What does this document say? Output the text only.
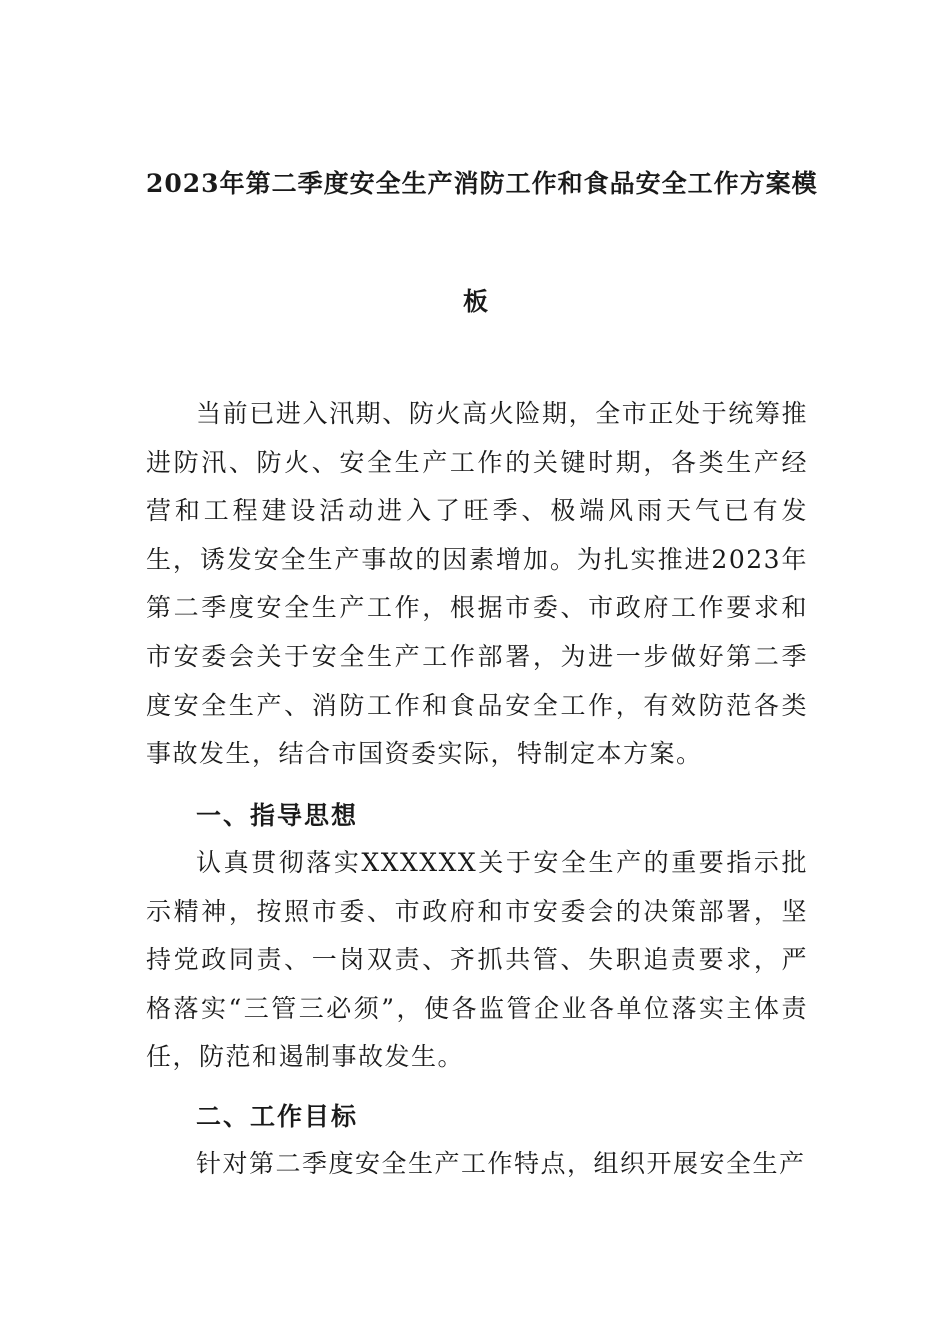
2023年第二季度安全生产消防工作和食品安全工作方案模
板
当前已进入汛期、防火高火险期，全市正处于统筹推进防汛、防火、安全生产工作的关键时期，各类生产经营和工程建设活动进入了旺季、极端风雨天气已有发生，诱发安全生产事故的因素增加。为扎实推进2023年第二季度安全生产工作，根据市委、市政府工作要求和市安委会关于安全生产工作部署，为进一步做好第二季度安全生产、消防工作和食品安全工作，有效防范各类事故发生，结合市国资委实际，特制定本方案。
一、指导思想
认真贯彻落实XXXXXX关于安全生产的重要指示批示精神，按照市委、市政府和市安委会的决策部署，坚持党政同责、一岗双责、齐抓共管、失职追责要求，严格落实“三管三必须”，使各监管企业各单位落实主体责任，防范和遏制事故发生。
二、工作目标
针对第二季度安全生产工作特点，组织开展安全生产
